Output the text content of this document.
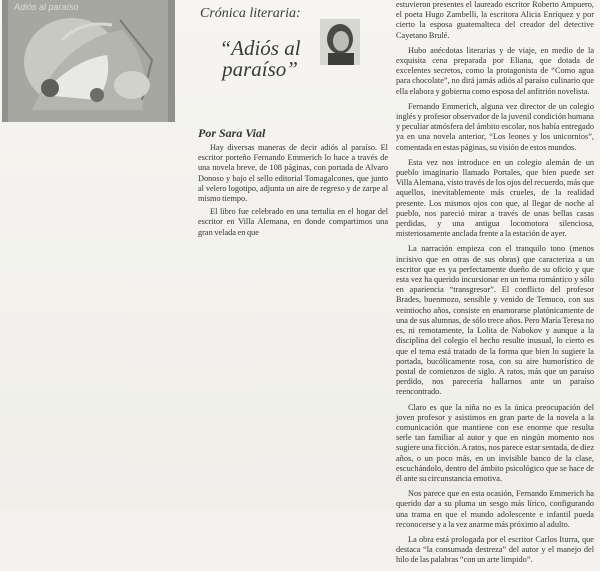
Adiós al paraíso	Crónica literaria:
“Adiós al paraíso”
Por Sara Vial

Hay diversas maneras de decir adiós al paraíso. El escritor porteño Fernando Emmerich lo hace a través de una novela breve, de 108 páginas, con portada de Alvaro Donoso y bajo el sello editorial Tomagalcones, que junto al velero logotipo, adjunta un aire de regreso y de zarpe al mismo tiempo.

El libro fue celebrado en una tertulia en el hogar del escritor en Villa Alemana, en donde compartimos una gran velada en que

estuvieron presentes el laureado escritor Roberto Ampuero, el poeta Hugo Zambelli, la escritora Alicia Enríquez y por cierto la esposa guatemalteca del creador del detective Cayetano Brulé.

Hubo anécdotas literarias y de viaje, en medio de la exquisita cena preparada por Eliana, que dotada de excelentes secretos, como la protagonista de “Como agua para chocolate”, no dirá jamás adiós al paraíso culinario que ella elabora y gobierna como esposa del anfitrión novelista.

Fernando Emmerich, alguna vez director de un colegio inglés y profesor observador de la juvenil condición humana y peculiar atmósfera del ámbito escolar, nos había entregado ya en una novela anterior, “Los leones y los unicornios”, comentada en estas páginas, su visión de estos mundos.

Esta vez nos introduce en un colegio alemán de un pueblo imaginario llamado Portales, que bien puede ser Villa Alemana, visto través de los ojos del recuerdo, más que aquellos, inevitablemente más crueles, de la realidad presente. Los mismos ojos con que, al llegar de noche al pueblo, nos pareció mirar a través de unas bellas casas perdidas, y una antigua locomotora silenciosa, misteriosamente anclada frente a la estación de ayer.

La narración empieza con el tranquilo tono (menos incisivo que en otras de sus obras) que caracteriza a un escritor que es ya perfectamente dueño de su oficio y que esta vez ha querido incursionar en un tema romántico y sólo en apariencia “transgresor”. El conflicto del profesor Brades, buenmozo, sensible y venido de Temuco, con sus veintiocho años, consiste en enamorarse platónicamente de una de sus alumnas, de sólo trece años. Pero María Teresa no es, ni remotamente, la Lolita de Nabokov y aunque a la disciplina del colegio el hecho resulte inusual, lo cierto es que el tema está tratado de la forma que bien lo sugiere la portada, bucólicamente rosa, con su aire humorístico de postal de comienzos de siglo. A ratos, más que un paraíso perdido, nos parecería hallarnos ante un paraíso reencontrado.

Claro es que la niña no es la única preocupación del joven profesor y asistimos en gran parte de la novela a la comunicación que mantiene con ese enorme que resulta serle tan familiar al autor y que en ningún momento nos sugiere una ficción. A ratos, nos parece estar sentada, de diez años, o un poco más, en un invisible banco de la clase, escuchándolo, dentro del ámbito psicológico que se hace de él ante su circunstancia emotiva.

Nos parece que en esta ocasión, Fernando Emmerich ha querido dar a su pluma un sesgo más lírico, configurando una trama en que el mundo adolescente e infantil pueda reconocerse y a la vez anarme más próximo al adulto.

La obra está prologada por el escritor Carlos Iturra, que destaca “la consumada destreza” del autor y el manejo del hilo de las palabras “con un arte limpido”.
